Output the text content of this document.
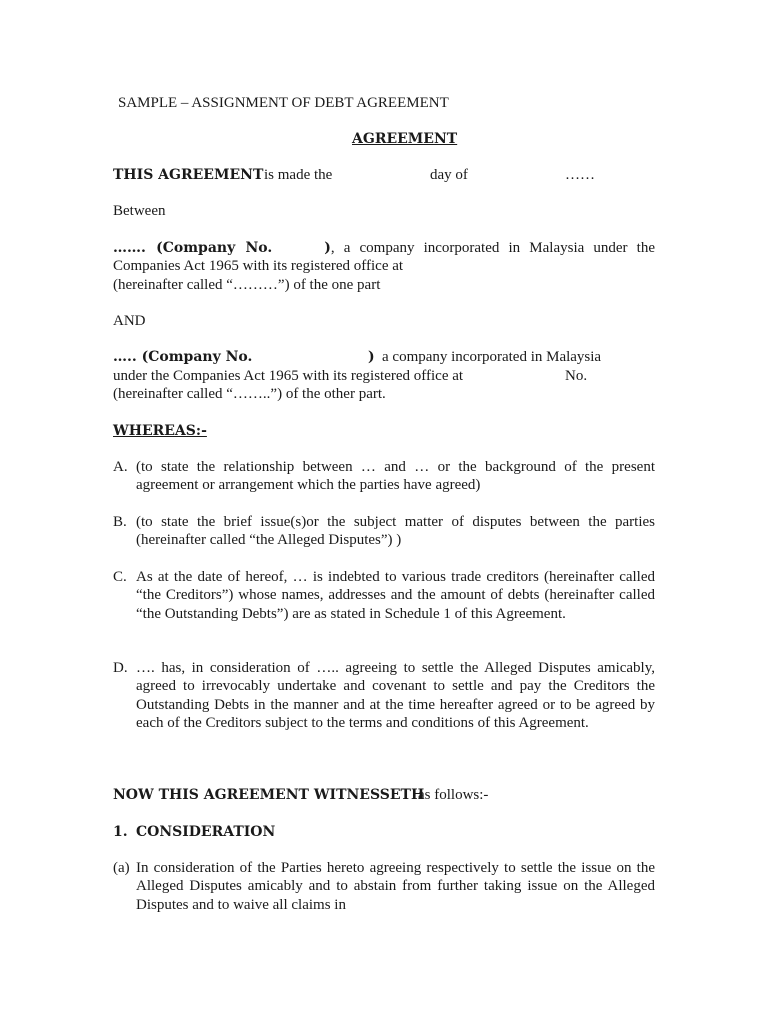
SAMPLE – ASSIGNMENT OF DEBT AGREEMENT
AGREEMENT
THIS AGREEMENT is made the	day of	……
Between
……. (Company No.	), a company incorporated in Malaysia under the Companies Act 1965 with its registered office at
(hereinafter called “………”) of the one part
AND
….. (Company No.	) a company incorporated in Malaysia
under the Companies Act 1965 with its registered office at	No.
(hereinafter called “……..”) of the other part.
WHEREAS:-
A. (to state the relationship between … and … or the background of the present agreement or arrangement which the parties have agreed)
B. (to state the brief issue(s)or the subject matter of disputes between the parties (hereinafter called “the Alleged Disputes”) )
C. As at the date of hereof, … is indebted to various trade creditors (hereinafter called “the Creditors”) whose names, addresses and the amount of debts (hereinafter called “the Outstanding Debts”) are as stated in Schedule 1 of this Agreement.
D. …. has, in consideration of ….. agreeing to settle the Alleged Disputes amicably, agreed to irrevocably undertake and covenant to settle and pay the Creditors the Outstanding Debts in the manner and at the time hereafter agreed or to be agreed by each of the Creditors subject to the terms and conditions of this Agreement.
NOW THIS AGREEMENT WITNESSETH
as follows:-
1. CONSIDERATION
(a) In consideration of the Parties hereto agreeing respectively to settle the issue on the Alleged Disputes amicably and to abstain from further taking issue on the Alleged Disputes and to waive all claims in
